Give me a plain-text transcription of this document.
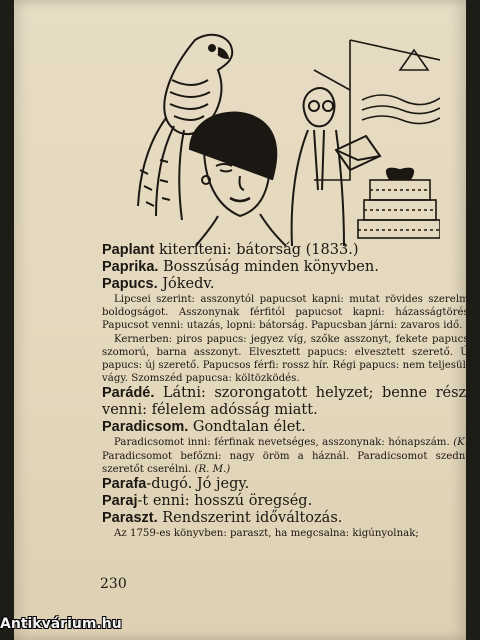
Paplant kiteríteni: bátorság (1833.)
Paprika. Bosszúság minden könyvben.
Papucs. Jókedv.
Lipcsei szerint: asszonytól papucsot kapni: mutat rövides szerelmi boldogságot. Asszonynak férfitól papucsot kapni: házasságtörés. Papucsot venni: utazás, lopni: bátorság. Papucsban járni: zavaros idő.
Kernerben: piros papucs: jegyez víg, szőke asszonyt, fekete papucs: szomorú, barna asszonyt. Elvesztett papucs: elvesztett szerető. Új papucs: új szerető. Papucsos férfi: rossz hír. Régi papucs: nem teljesülő vágy. Szomszéd papucsa: költözködés.
Parádé. Látni: szorongatott helyzet; benne részt venni: félelem adósság miatt.
Paradicsom. Gondtalan élet.
Paradicsomot inni: férfinak nevetséges, asszonynak: hónapszám. (K.) Paradicsomot befőzni: nagy öröm a háznál. Paradicsomot szedni: szeretőt cserélni. (R. M.)
Parafa-dugó. Jó jegy.
Paraj-t enni: hosszú öregség.
Paraszt. Rendszerint időváltozás.
Az 1759-es könyvben: paraszt, ha megcsalna: kigúnyolnak;
230
Antikvárium.hu
